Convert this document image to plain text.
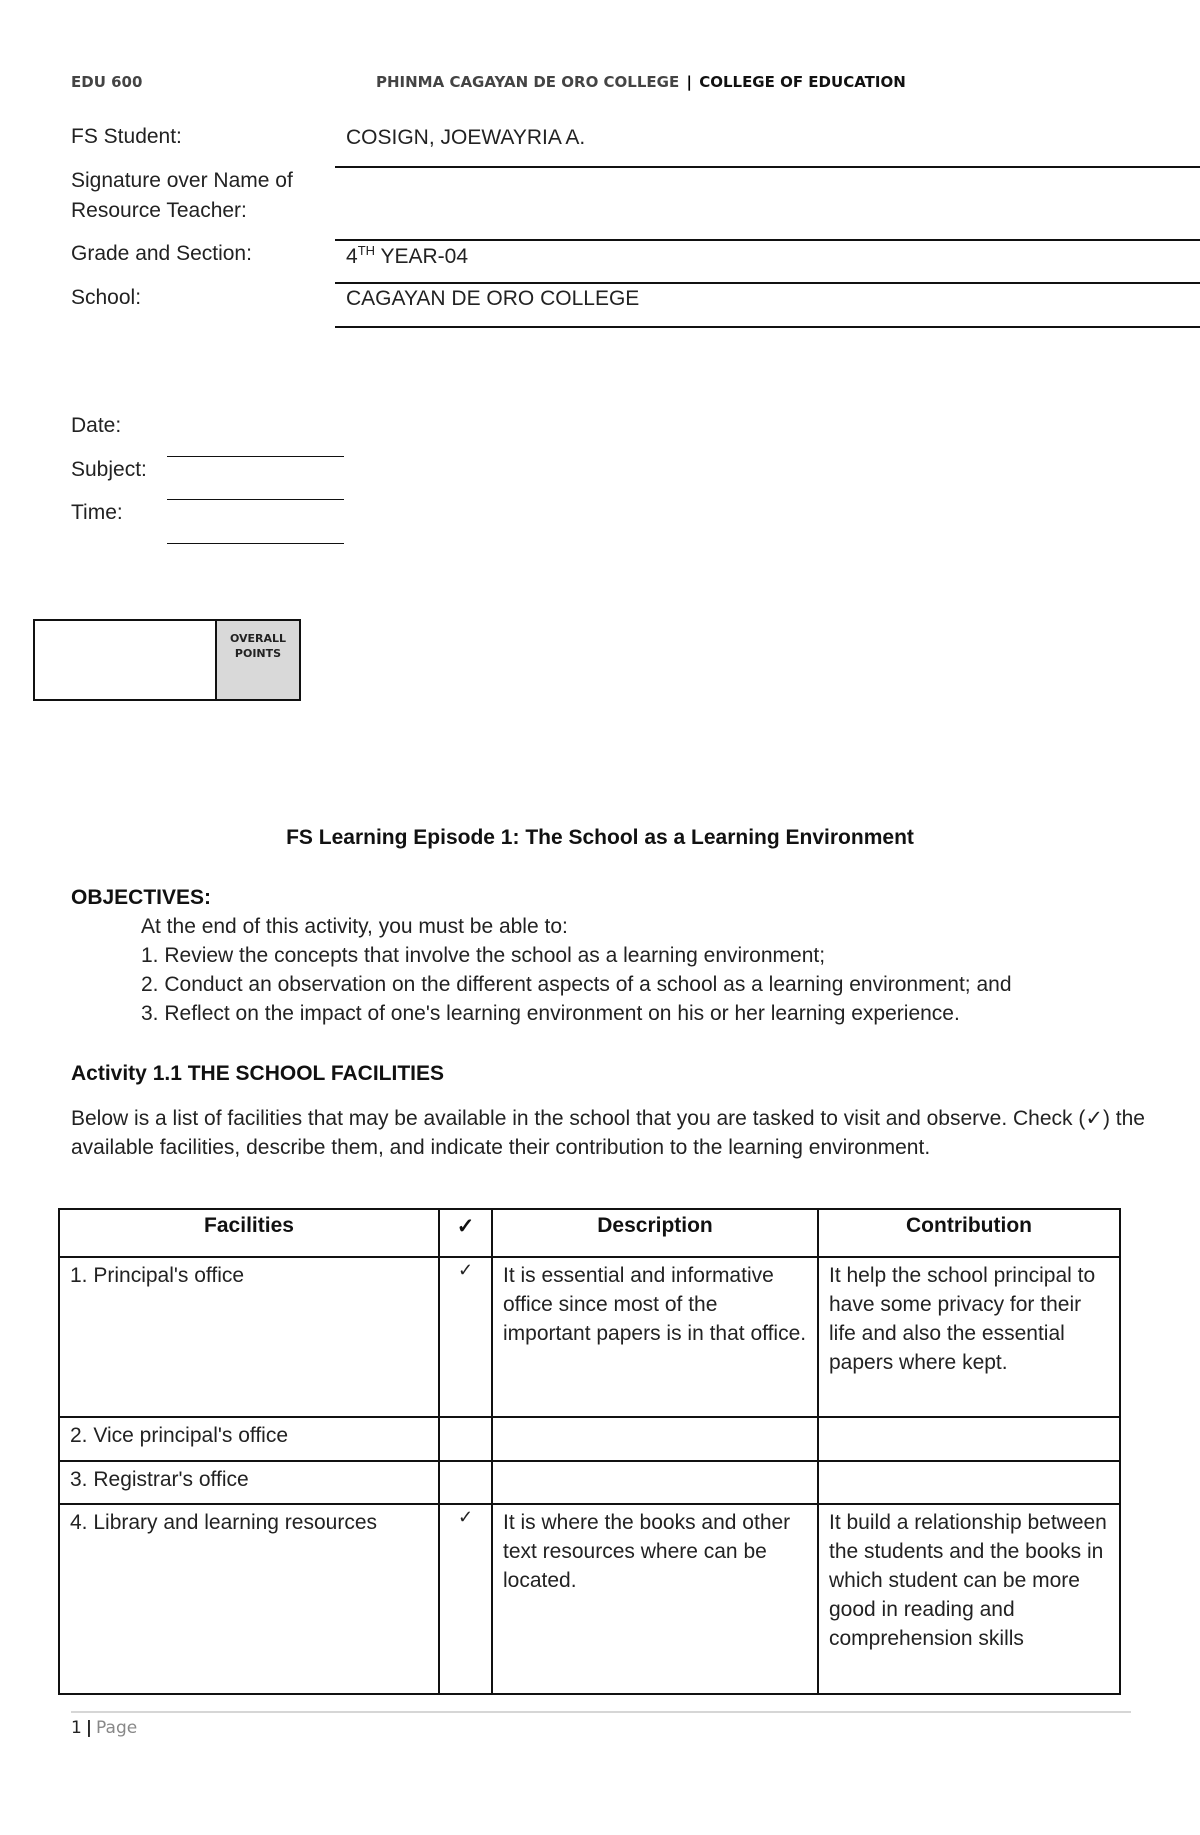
EDU 600	PHINMA CAGAYAN DE ORO COLLEGE | COLLEGE OF EDUCATION
FS Student:	COSIGN, JOEWAYRIA A.
Signature over Name of
Resource Teacher:
Grade and Section:	4TH YEAR-04
School:	CAGAYAN DE ORO COLLEGE
Date:
Subject:
Time:
OVERALL
POINTS
FS Learning Episode 1: The School as a Learning Environment
OBJECTIVES:
At the end of this activity, you must be able to:
1. Review the concepts that involve the school as a learning environment;
2. Conduct an observation on the different aspects of a school as a learning environment; and
3. Reflect on the impact of one's learning environment on his or her learning experience.
Activity 1.1 THE SCHOOL FACILITIES
Below is a list of facilities that may be available in the school that you are tasked to visit and observe. Check (✓) the available facilities, describe them, and indicate their contribution to the learning environment.
Facilities	✓	Description	Contribution
1. Principal's office	✓	It is essential and informative office since most of the important papers is in that office.	It help the school principal to have some privacy for their life and also the essential papers where kept.
2. Vice principal's office			
3. Registrar's office			
4. Library and learning resources	✓	It is where the books and other text resources where can be located.	It build a relationship between the students and the books in which student can be more good in reading and comprehension skills
1 | Page
